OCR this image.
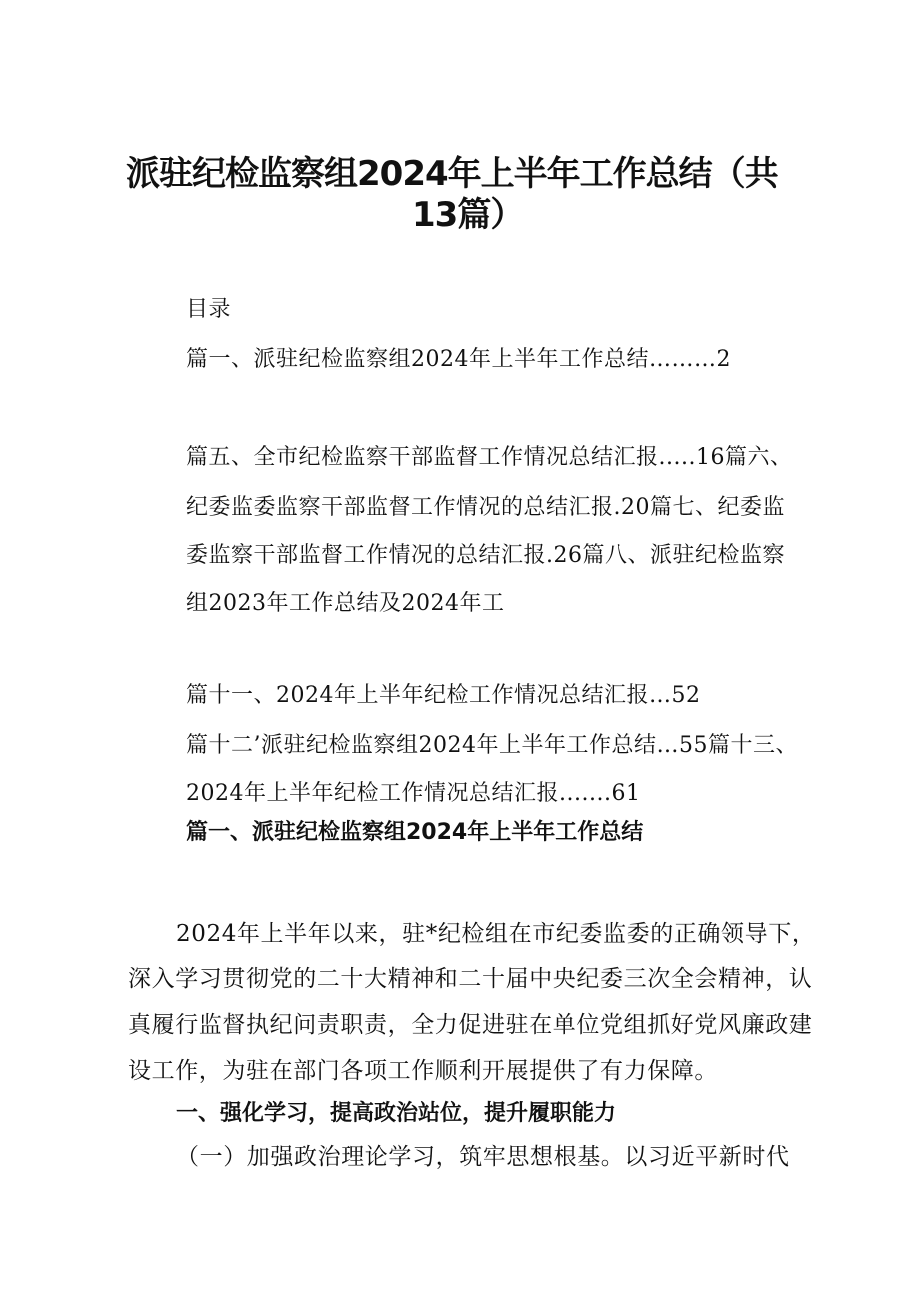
派驻纪检监察组2024年上半年工作总结（共
13篇）

目录

篇一、派驻纪检监察组2024年上半年工作总结………2

篇五、全市纪检监察干部监督工作情况总结汇报.....16篇六、

纪委监委监察干部监督工作情况的总结汇报.20篇七、纪委监

委监察干部监督工作情况的总结汇报.26篇八、派驻纪检监察

组2023年工作总结及2024年工

篇十一、2024年上半年纪检工作情况总结汇报…52

篇十二’派驻纪检监察组2024年上半年工作总结…55篇十三、

2024年上半年纪检工作情况总结汇报.......61

篇一、派驻纪检监察组2024年上半年工作总结

2024年上半年以来，驻*纪检组在市纪委监委的正确领导下，

深入学习贯彻党的二十大精神和二十届中央纪委三次全会精神，认

真履行监督执纪问责职责，全力促进驻在单位党组抓好党风廉政建

设工作，为驻在部门各项工作顺利开展提供了有力保障。

一、强化学习，提高政治站位，提升履职能力

（一）加强政治理论学习，筑牢思想根基。以习近平新时代
